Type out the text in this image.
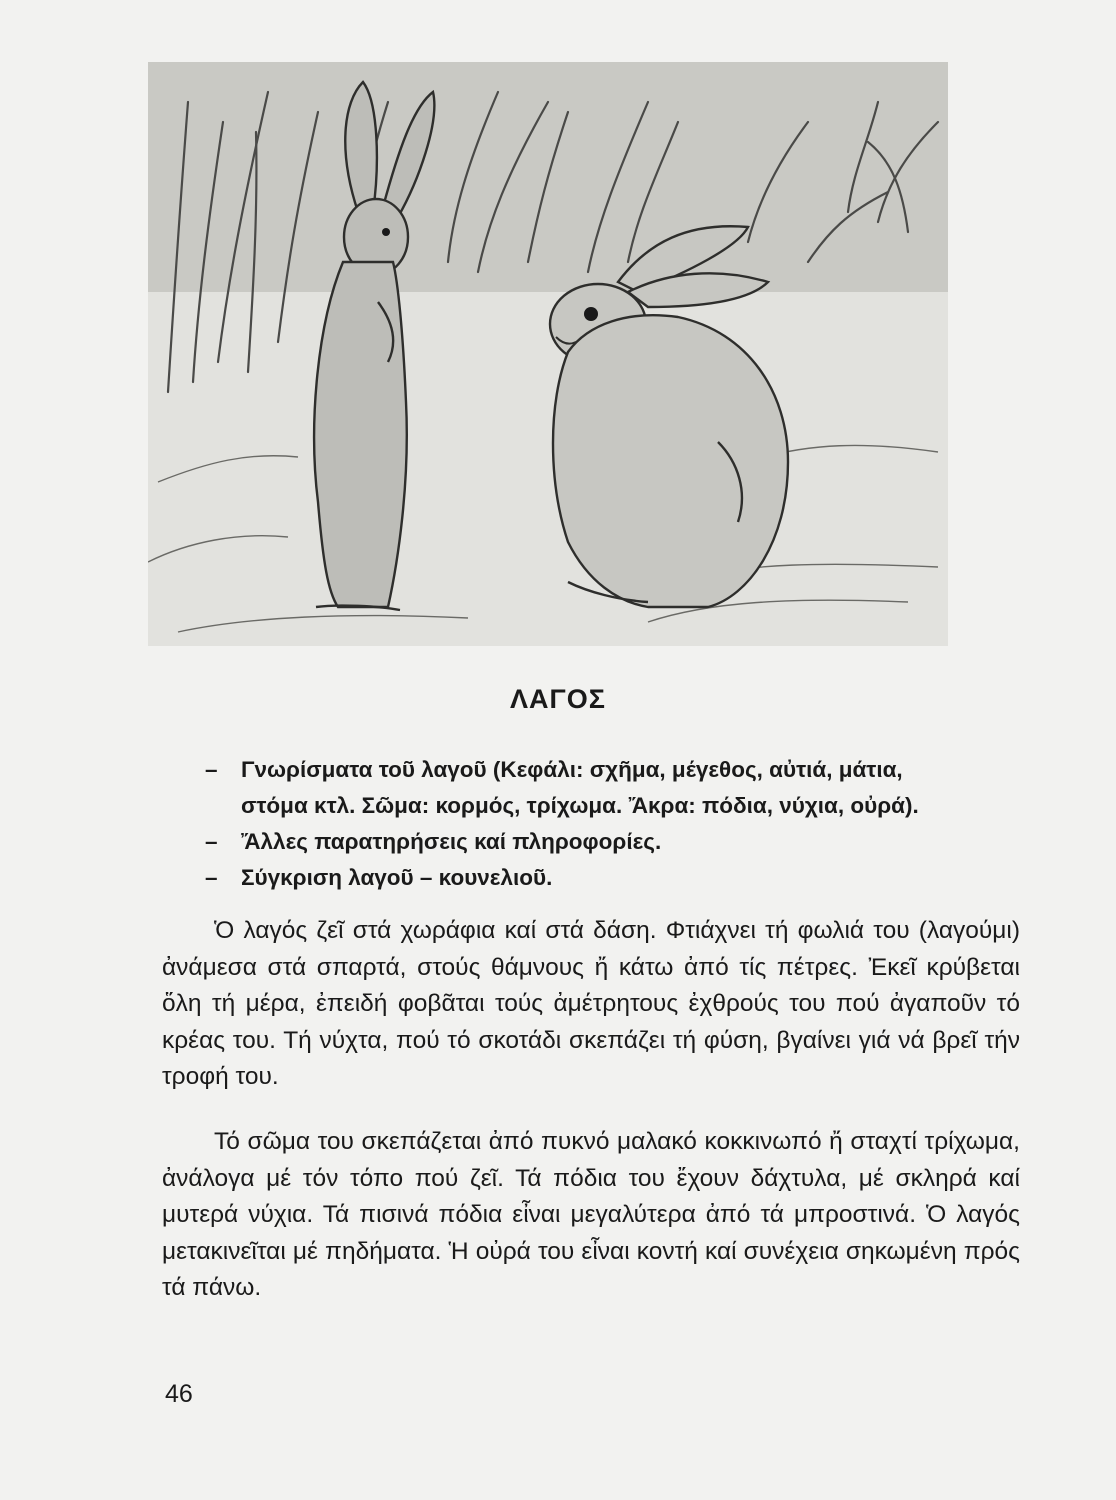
ΛΑΓΟΣ
– Γνωρίσματα τοῦ λαγοῦ (Κεφάλι: σχῆμα, μέγεθος, αὐτιά, μάτια, στόμα κτλ. Σῶμα: κορμός, τρίχωμα. Ἄκρα: πόδια, νύχια, οὐρά).
– Ἄλλες παρατηρήσεις καί πληροφορίες.
– Σύγκριση λαγοῦ – κουνελιοῦ.

Ὁ λαγός ζεῖ στά χωράφια καί στά δάση. Φτιάχνει τή φωλιά του (λαγούμι) ἀνάμεσα στά σπαρτά, στούς θάμνους ἤ κάτω ἀπό τίς πέτρες. Ἐκεῖ κρύβεται ὅλη τή μέρα, ἐπειδή φοβᾶται τούς ἀμέτρητους ἐχθρούς του πού ἀγαποῦν τό κρέας του. Τή νύχτα, πού τό σκοτάδι σκεπάζει τή φύση, βγαίνει γιά νά βρεῖ τήν τροφή του.

Τό σῶμα του σκεπάζεται ἀπό πυκνό μαλακό κοκκινωπό ἤ σταχτί τρίχωμα, ἀνάλογα μέ τόν τόπο πού ζεῖ. Τά πόδια του ἔχουν δάχτυλα, μέ σκληρά καί μυτερά νύχια. Τά πισινά πόδια εἶναι μεγαλύτερα ἀπό τά μπροστινά. Ὁ λαγός μετακινεῖται μέ πηδήματα. Ἡ οὐρά του εἶναι κοντή καί συνέχεια σηκωμένη πρός τά πάνω.

46
